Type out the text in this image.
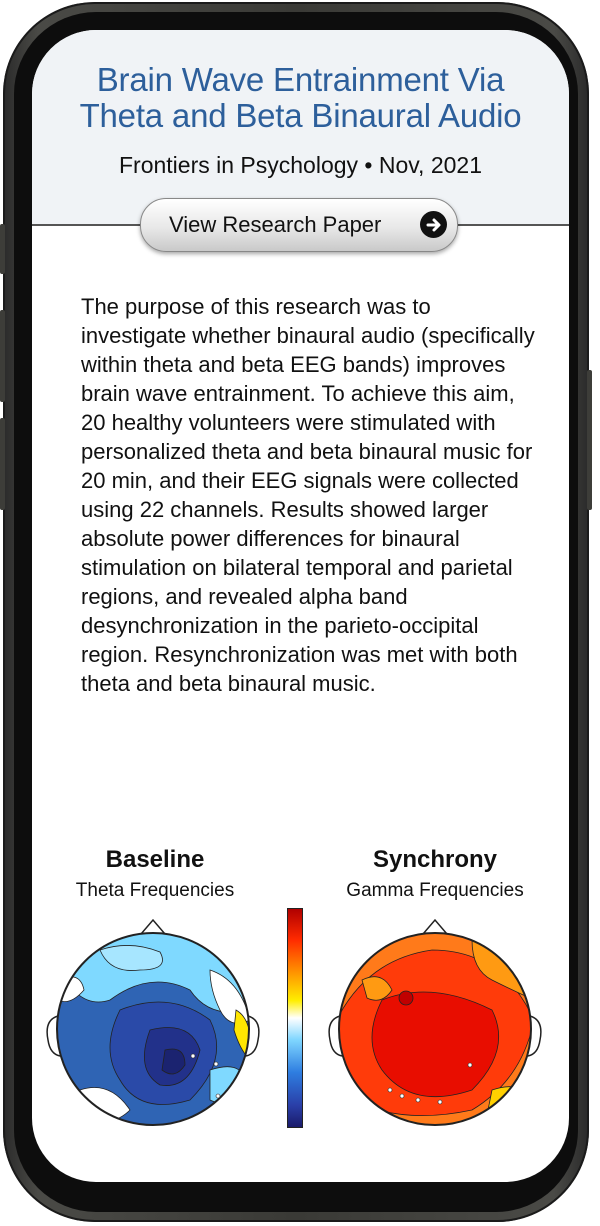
Brain Wave Entrainment Via
Theta and Beta Binaural Audio
Frontiers in Psychology • Nov, 2021
View Research Paper
The purpose of this research was to investigate whether binaural audio (specifically within theta and beta EEG bands) improves brain wave entrainment. To achieve this aim, 20 healthy volunteers were stimulated with personalized theta and beta binaural music for 20 min, and their EEG signals were collected using 22 channels. Results showed larger absolute power differences for binaural stimulation on bilateral temporal and parietal regions, and revealed alpha band desynchronization in the parieto-occipital region. Resynchronization was met with both theta and beta binaural music.
Baseline
Theta Frequencies
Synchrony
Gamma Frequencies
